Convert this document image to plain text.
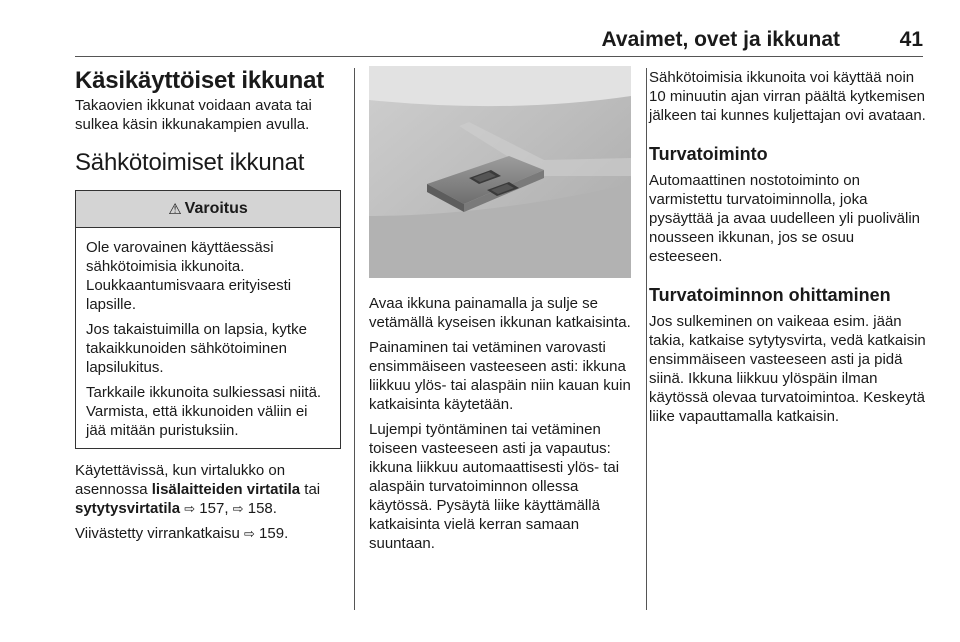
Avaimet, ovet ja ikkunat	41
Käsikäyttöiset ikkunat

Takaovien ikkunat voidaan avata tai sulkea käsin ikkunakampien avulla.

Sähkötoimiset ikkunat
⚠ Varoitus

Ole varovainen käyttäessäsi sähkötoimisia ikkunoita. Loukkaantumisvaara erityisesti lapsille.

Jos takaistuimilla on lapsia, kytke takaikkunoiden sähkötoiminen lapsilukitus.

Tarkkaile ikkunoita sulkiessasi niitä. Varmista, että ikkunoiden väliin ei jää mitään puristuksiin.

Käytettävissä, kun virtalukko on asennossa lisälaitteiden virtatila tai sytytysvirtatila ⇨ 157, ⇨ 158.

Viivästetty virrankatkaisu ⇨ 159.

Avaa ikkuna painamalla ja sulje se vetämällä kyseisen ikkunan katkaisinta.

Painaminen tai vetäminen varovasti ensimmäiseen vasteeseen asti: ikkuna liikkuu ylös- tai alaspäin niin kauan kuin katkaisinta käytetään.

Lujempi työntäminen tai vetäminen toiseen vasteeseen asti ja vapautus: ikkuna liikkuu automaattisesti ylös- tai alaspäin turvatoiminnon ollessa käytössä. Pysäytä liike käyttämällä katkaisinta vielä kerran samaan suuntaan.

Sähkötoimisia ikkunoita voi käyttää noin 10 minuutin ajan virran päältä kytkemisen jälkeen tai kunnes kuljettajan ovi avataan.

Turvatoiminto

Automaattinen nostotoiminto on varmistettu turvatoiminnolla, joka pysäyttää ja avaa uudelleen yli puolivälin nousseen ikkunan, jos se osuu esteeseen.

Turvatoiminnon ohittaminen

Jos sulkeminen on vaikeaa esim. jään takia, katkaise sytytysvirta, vedä katkaisin ensimmäiseen vasteeseen asti ja pidä siinä. Ikkuna liikkuu ylöspäin ilman käytössä olevaa turvatoimintoa. Keskeytä liike vapauttamalla katkaisin.
